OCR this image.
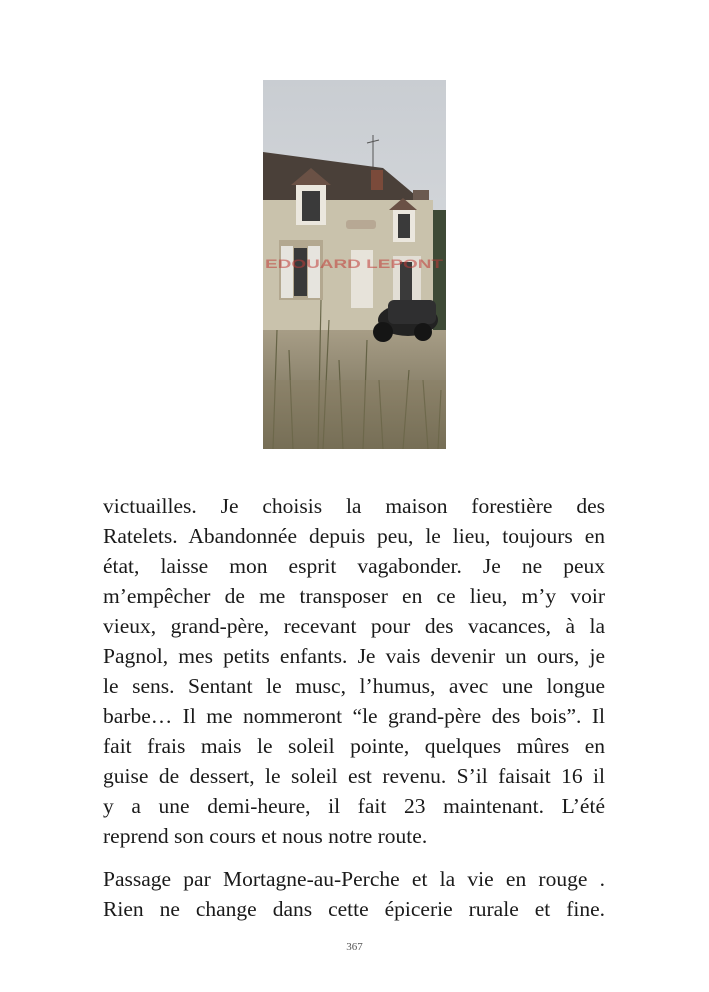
EDOUARD LEPONT

victuailles. Je choisis la maison forestière des
Ratelets. Abandonnée depuis peu, le lieu, toujours en
état, laisse mon esprit vagabonder. Je ne peux
m’empêcher de me transposer en ce lieu, m’y voir
vieux, grand-père, recevant pour des vacances, à la
Pagnol, mes petits enfants. Je vais devenir un ours, je
le sens. Sentant le musc, l’humus, avec une longue
barbe… Il me nommeront “le grand-père des bois”. Il
fait frais mais le soleil pointe, quelques mûres en
guise de dessert, le soleil est revenu. S’il faisait 16 il
y a une demi-heure, il fait 23 maintenant. L’été
reprend son cours et nous notre route.

Passage par Mortagne-au-Perche et la vie en rouge .
Rien ne change dans cette épicerie rurale et fine.

367
